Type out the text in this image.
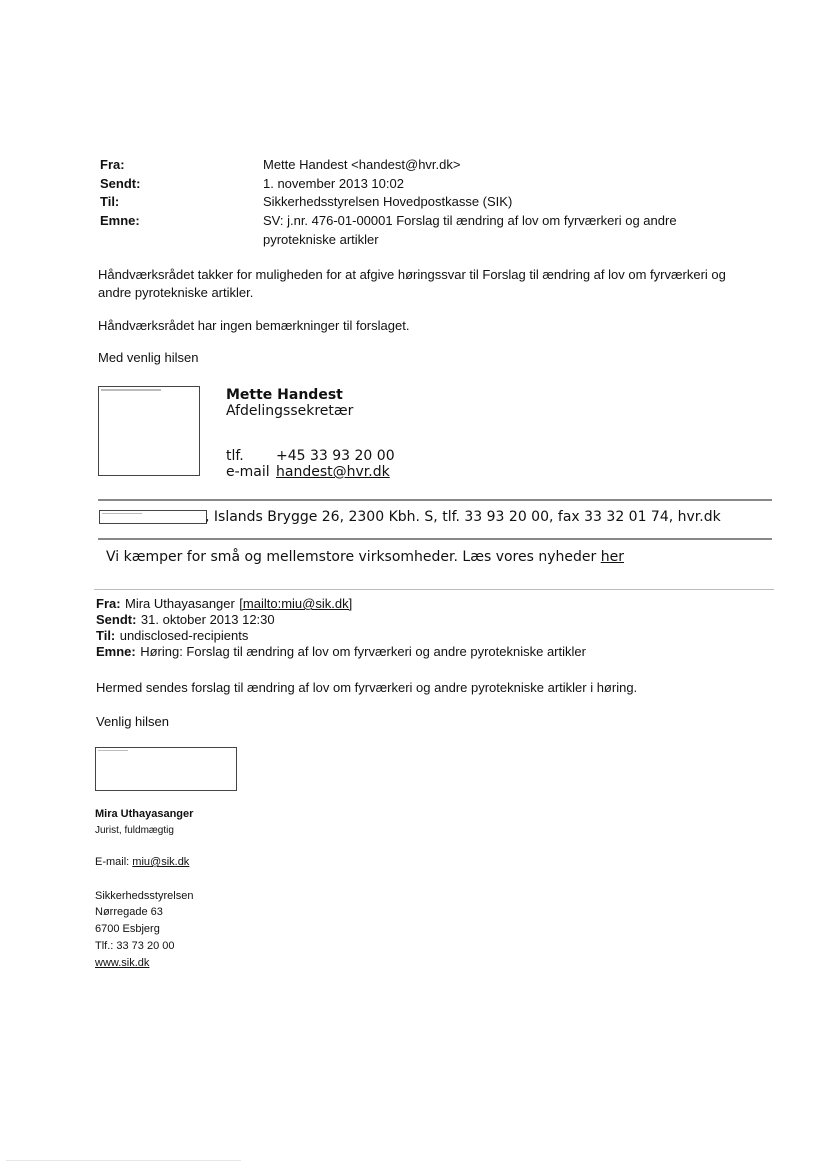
Fra:	Mette Handest <handest@hvr.dk>
Sendt:	1. november 2013 10:02
Til:	Sikkerhedsstyrelsen Hovedpostkasse (SIK)
Emne:	SV: j.nr. 476-01-00001 Forslag til ændring af lov om fyrværkeri og andre
pyrotekniske artikler
Håndværksrådet takker for muligheden for at afgive høringssvar til Forslag til ændring af lov om fyrværkeri og
andre pyrotekniske artikler.
Håndværksrådet har ingen bemærkninger til forslaget.
Med venlig hilsen
Mette Handest
Afdelingssekretær
tlf. +45 33 93 20 00
e-mail handest@hvr.dk
, Islands Brygge 26, 2300 Kbh. S, tlf. 33 93 20 00, fax 33 32 01 74, hvr.dk
Vi kæmper for små og mellemstore virksomheder. Læs vores nyheder her
Fra: Mira Uthayasanger [mailto:miu@sik.dk]
Sendt: 31. oktober 2013 12:30
Til: undisclosed-recipients
Emne: Høring: Forslag til ændring af lov om fyrværkeri og andre pyrotekniske artikler
Hermed sendes forslag til ændring af lov om fyrværkeri og andre pyrotekniske artikler i høring.
Venlig hilsen
Mira Uthayasanger
Jurist, fuldmægtig
E-mail: miu@sik.dk
Sikkerhedsstyrelsen
Nørregade 63
6700 Esbjerg
Tlf.: 33 73 20 00
www.sik.dk
